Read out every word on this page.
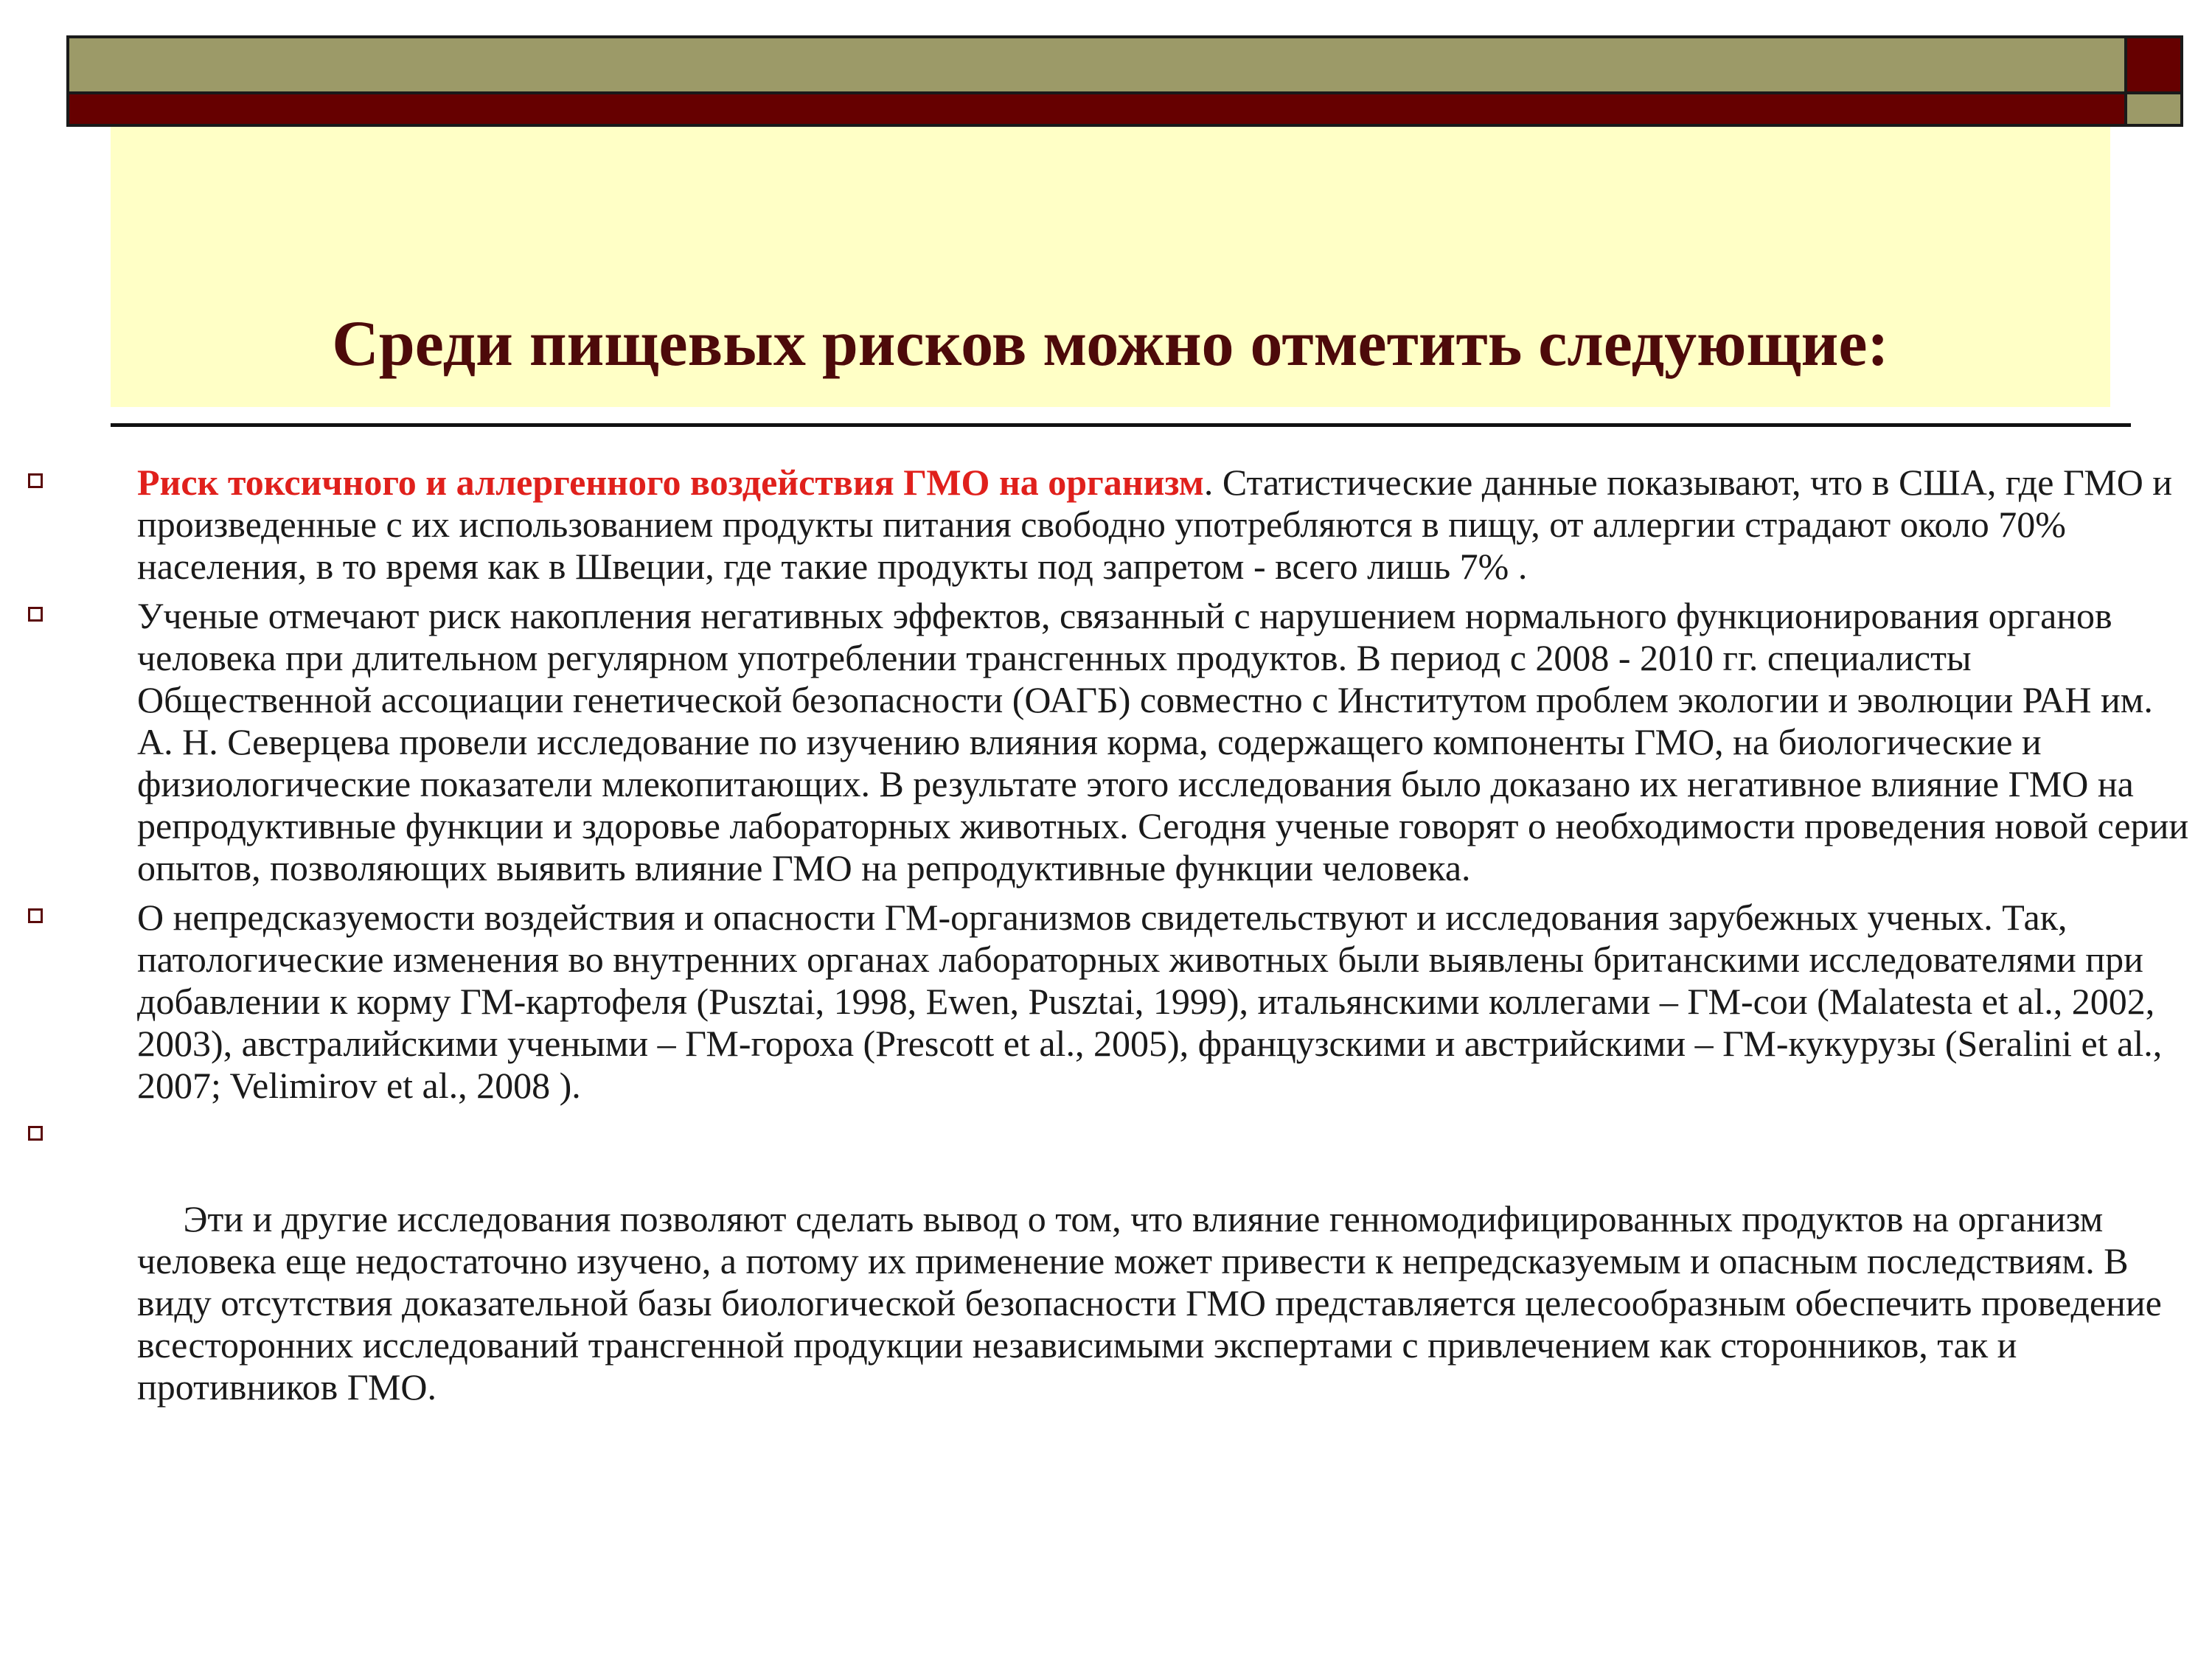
Среди пищевых рисков можно отметить следующие:
Риск токсичного и аллергенного воздействия ГМО на организм. Статистические данные показывают, что в США, где ГМО и произведенные с их использованием продукты питания свободно употребляются в пищу, от аллергии страдают около 70% населения, в то время как в Швеции, где такие продукты под запретом - всего лишь 7% .
Ученые отмечают риск накопления негативных эффектов, связанный с нарушением нормального функционирования органов человека при длительном регулярном употреблении трансгенных продуктов. В период с 2008 - 2010 гг. специалисты Общественной ассоциации генетической безопасности (ОАГБ) совместно с Институтом проблем экологии и эволюции РАН им. А. Н. Северцева провели исследование по изучению влияния корма, содержащего компоненты ГМО, на биологические и физиологические показатели млекопитающих. В результате этого исследования было доказано их негативное влияние ГМО на репродуктивные функции и здоровье лабораторных животных. Сегодня ученые говорят о необходимости проведения новой серии опытов, позволяющих выявить влияние ГМО на репродуктивные функции человека.
О непредсказуемости воздействия и опасности ГМ-организмов свидетельствуют и исследования зарубежных ученых. Так, патологические изменения во внутренних органах лабораторных животных были выявлены британскими исследователями при добавлении к корму ГМ-картофеля (Pusztai, 1998, Ewen, Pusztai, 1999), итальянскими коллегами – ГМ-сои (Malatesta et al., 2002, 2003), австралийскими учеными – ГМ-гороха (Prescott et al., 2005), французскими и австрийскими – ГМ-кукурузы (Seralini et al., 2007; Velimirov et al., 2008 ).

Эти и другие исследования позволяют сделать вывод о том, что влияние генномодифицированных продуктов на организм человека еще недостаточно изучено, а потому их применение может привести к непредсказуемым и опасным последствиям. В виду отсутствия доказательной базы биологической безопасности ГМО представляется целесообразным обеспечить проведение всесторонних исследований трансгенной продукции независимыми экспертами с привлечением как сторонников, так и противников ГМО.
